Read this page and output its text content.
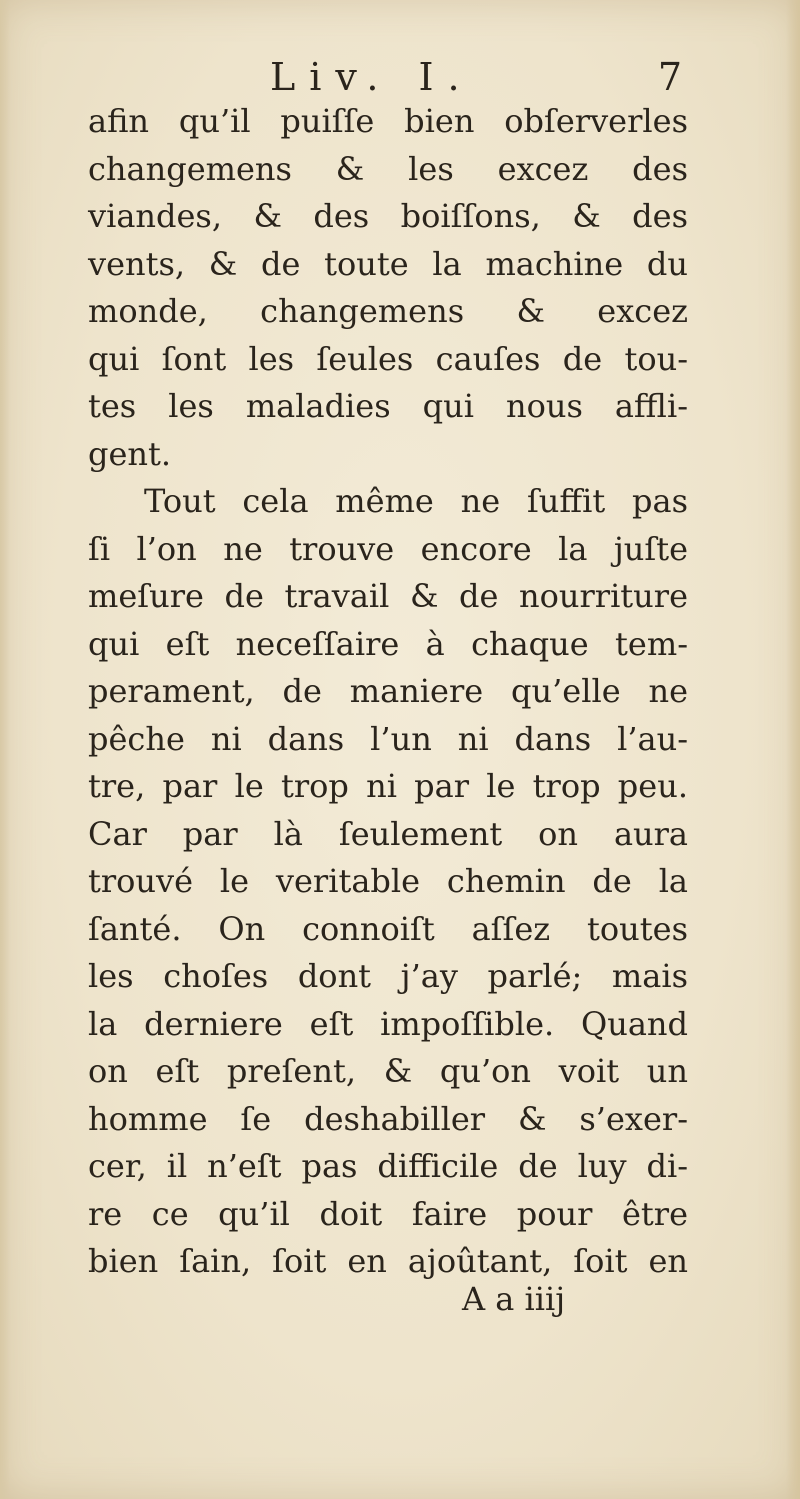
Liv. I.	7
afin qu’il puiſſe bien obſerverles
changemens & les excez des
viandes, & des boiſſons, & des
vents, & de toute la machine du
monde, changemens & excez
qui ſont les ſeules cauſes de tou-
tes les maladies qui nous affli-
gent.
Tout cela même ne ſuffit pas
ſi l’on ne trouve encore la juſte
meſure de travail & de nourriture
qui eſt neceſſaire à chaque tem-
perament, de maniere qu’elle ne
pêche ni dans l’un ni dans l’au-
tre, par le trop ni par le trop peu.
Car par là ſeulement on aura
trouvé le veritable chemin de la
ſanté. On connoiſt aſſez toutes
les choſes dont j’ay parlé; mais
la derniere eſt impoſſible. Quand
on eſt preſent, & qu’on voit un
homme ſe deshabiller & s’exer-
cer, il n’eſt pas difficile de luy di-
re ce qu’il doit faire pour être
bien ſain, ſoit en ajoûtant, ſoit en
A a iiij
